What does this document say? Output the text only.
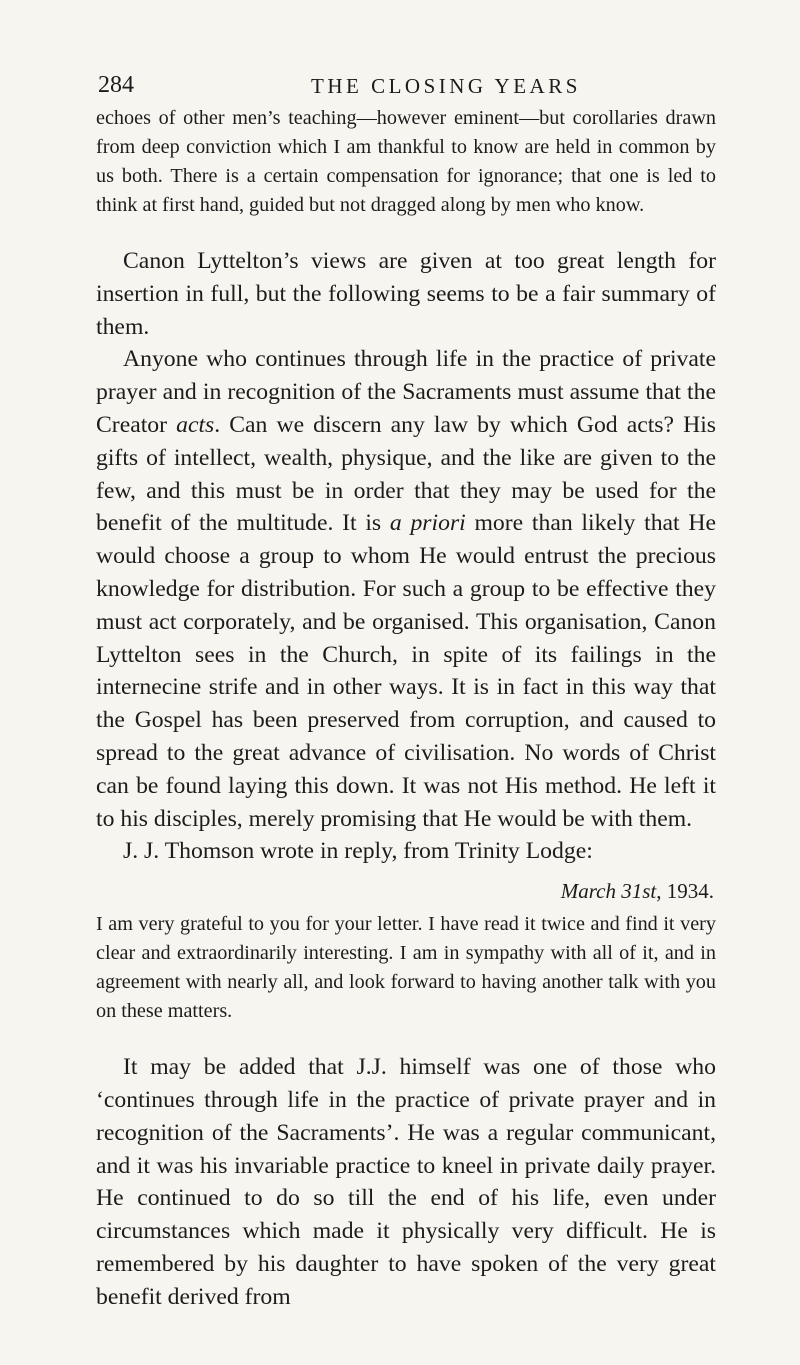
284	THE CLOSING YEARS

echoes of other men’s teaching—however eminent—but corollaries drawn from deep conviction which I am thankful to know are held in common by us both. There is a certain compensation for ignorance; that one is led to think at first hand, guided but not dragged along by men who know.

Canon Lyttelton’s views are given at too great length for insertion in full, but the following seems to be a fair summary of them.

Anyone who continues through life in the practice of private prayer and in recognition of the Sacraments must assume that the Creator acts. Can we discern any law by which God acts? His gifts of intellect, wealth, physique, and the like are given to the few, and this must be in order that they may be used for the benefit of the multitude. It is a priori more than likely that He would choose a group to whom He would entrust the precious knowledge for distribution. For such a group to be effective they must act corporately, and be organised. This organisation, Canon Lyttelton sees in the Church, in spite of its failings in the internecine strife and in other ways. It is in fact in this way that the Gospel has been preserved from corruption, and caused to spread to the great advance of civilisation. No words of Christ can be found laying this down. It was not His method. He left it to his disciples, merely promising that He would be with them.

J. J. Thomson wrote in reply, from Trinity Lodge:

March 31st, 1934.

I am very grateful to you for your letter. I have read it twice and find it very clear and extraordinarily interesting. I am in sympathy with all of it, and in agreement with nearly all, and look forward to having another talk with you on these matters.

It may be added that J.J. himself was one of those who ‘continues through life in the practice of private prayer and in recognition of the Sacraments’. He was a regular communicant, and it was his invariable practice to kneel in private daily prayer. He continued to do so till the end of his life, even under circumstances which made it physically very difficult. He is remembered by his daughter to have spoken of the very great benefit derived from
